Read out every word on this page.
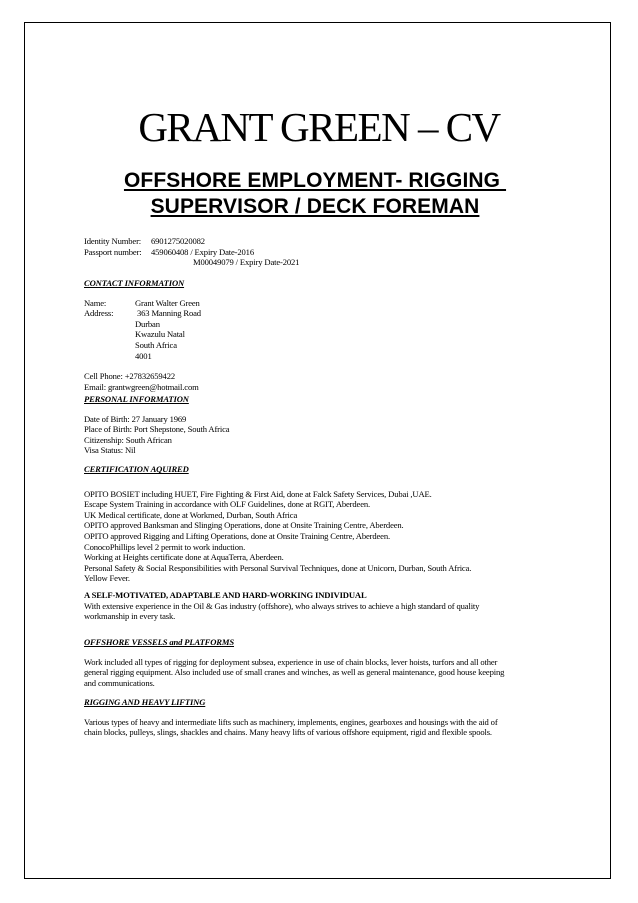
GRANT GREEN – CV
OFFSHORE EMPLOYMENT- RIGGING
SUPERVISOR / DECK FOREMAN
Identity Number:	6901275020082
Passport number:	459060408 / Expiry Date-2016
M00049079 / Expiry Date-2021
CONTACT INFORMATION
Name:	Grant Walter Green
Address:	363 Manning Road
Durban
Kwazulu Natal
South Africa
4001
Cell Phone: +27832659422
Email: grantwgreen@hotmail.com
PERSONAL INFORMATION
Date of Birth: 27 January 1969
Place of Birth: Port Shepstone, South Africa
Citizenship: South African
Visa Status: Nil
CERTIFICATION AQUIRED
OPITO BOSIET including HUET, Fire Fighting & First Aid, done at Falck Safety Services, Dubai ,UAE.
Escape System Training in accordance with OLF Guidelines, done at RGIT, Aberdeen.
UK Medical certificate, done at Workmed, Durban, South Africa
OPITO approved Banksman and Slinging Operations, done at Onsite Training Centre, Aberdeen.
OPITO approved Rigging and Lifting Operations, done at Onsite Training Centre, Aberdeen.
ConocoPhillips level 2 permit to work induction.
Working at Heights certificate done at AquaTerra, Aberdeen.
Personal Safety & Social Responsibilities with Personal Survival Techniques, done at Unicorn, Durban, South Africa.
Yellow Fever.
A SELF-MOTIVATED, ADAPTABLE AND HARD-WORKING INDIVIDUAL
With extensive experience in the Oil & Gas industry (offshore), who always strives to achieve a high standard of quality
workmanship in every task.
OFFSHORE VESSELS and PLATFORMS
Work included all types of rigging for deployment subsea, experience in use of chain blocks, lever hoists, turfors and all other
general rigging equipment. Also included use of small cranes and winches, as well as general maintenance, good house keeping
and communications.
RIGGING AND HEAVY LIFTING
Various types of heavy and intermediate lifts such as machinery, implements, engines, gearboxes and housings with the aid of
chain blocks, pulleys, slings, shackles and chains. Many heavy lifts of various offshore equipment, rigid and flexible spools.
